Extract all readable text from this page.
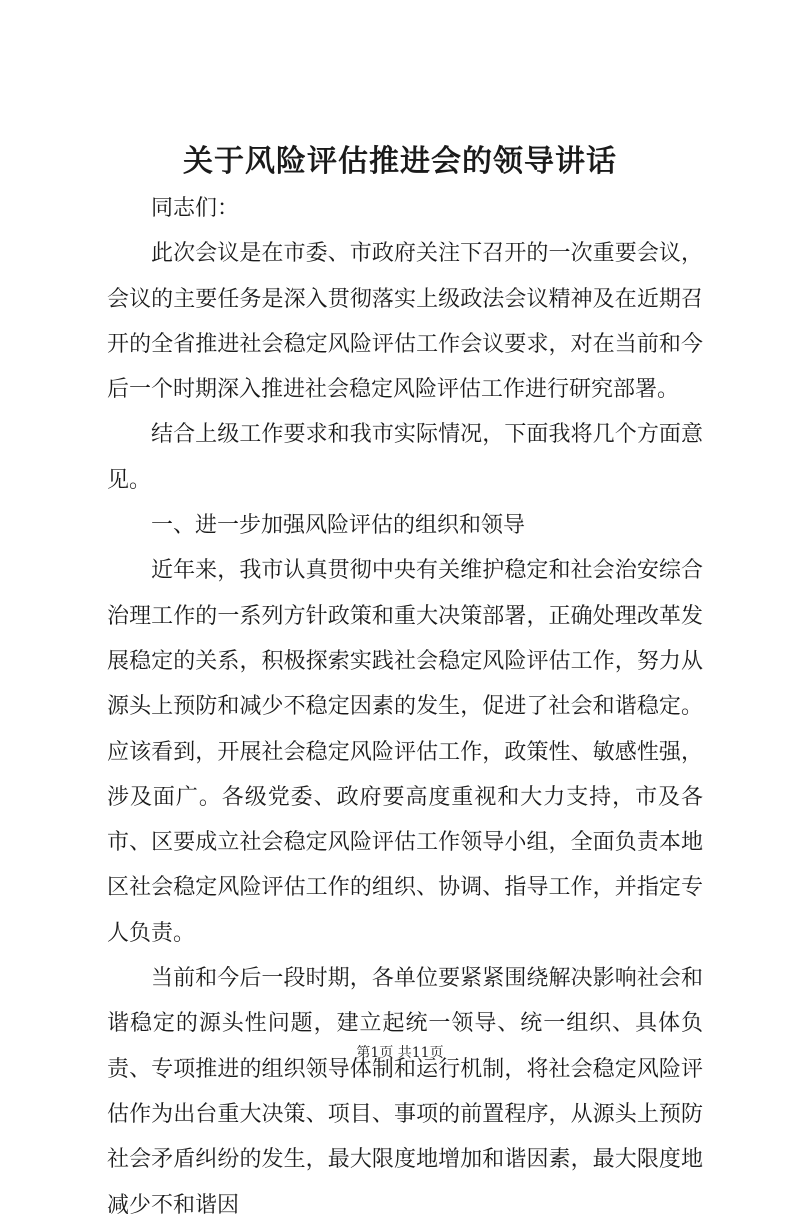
关于风险评估推进会的领导讲话

同志们：

此次会议是在市委、市政府关注下召开的一次重要会议，会议的主要任务是深入贯彻落实上级政法会议精神及在近期召开的全省推进社会稳定风险评估工作会议要求，对在当前和今后一个时期深入推进社会稳定风险评估工作进行研究部署。

结合上级工作要求和我市实际情况，下面我将几个方面意见。

一、进一步加强风险评估的组织和领导

近年来，我市认真贯彻中央有关维护稳定和社会治安综合治理工作的一系列方针政策和重大决策部署，正确处理改革发展稳定的关系，积极探索实践社会稳定风险评估工作，努力从源头上预防和减少不稳定因素的发生，促进了社会和谐稳定。应该看到，开展社会稳定风险评估工作，政策性、敏感性强，涉及面广。各级党委、政府要高度重视和大力支持，市及各市、区要成立社会稳定风险评估工作领导小组，全面负责本地区社会稳定风险评估工作的组织、协调、指导工作，并指定专人负责。

当前和今后一段时期，各单位要紧紧围绕解决影响社会和谐稳定的源头性问题，建立起统一领导、统一组织、具体负责、专项推进的组织领导体制和运行机制，将社会稳定风险评估作为出台重大决策、项目、事项的前置程序，从源头上预防社会矛盾纠纷的发生，最大限度地增加和谐因素，最大限度地减少不和谐因

第1页 共11页
